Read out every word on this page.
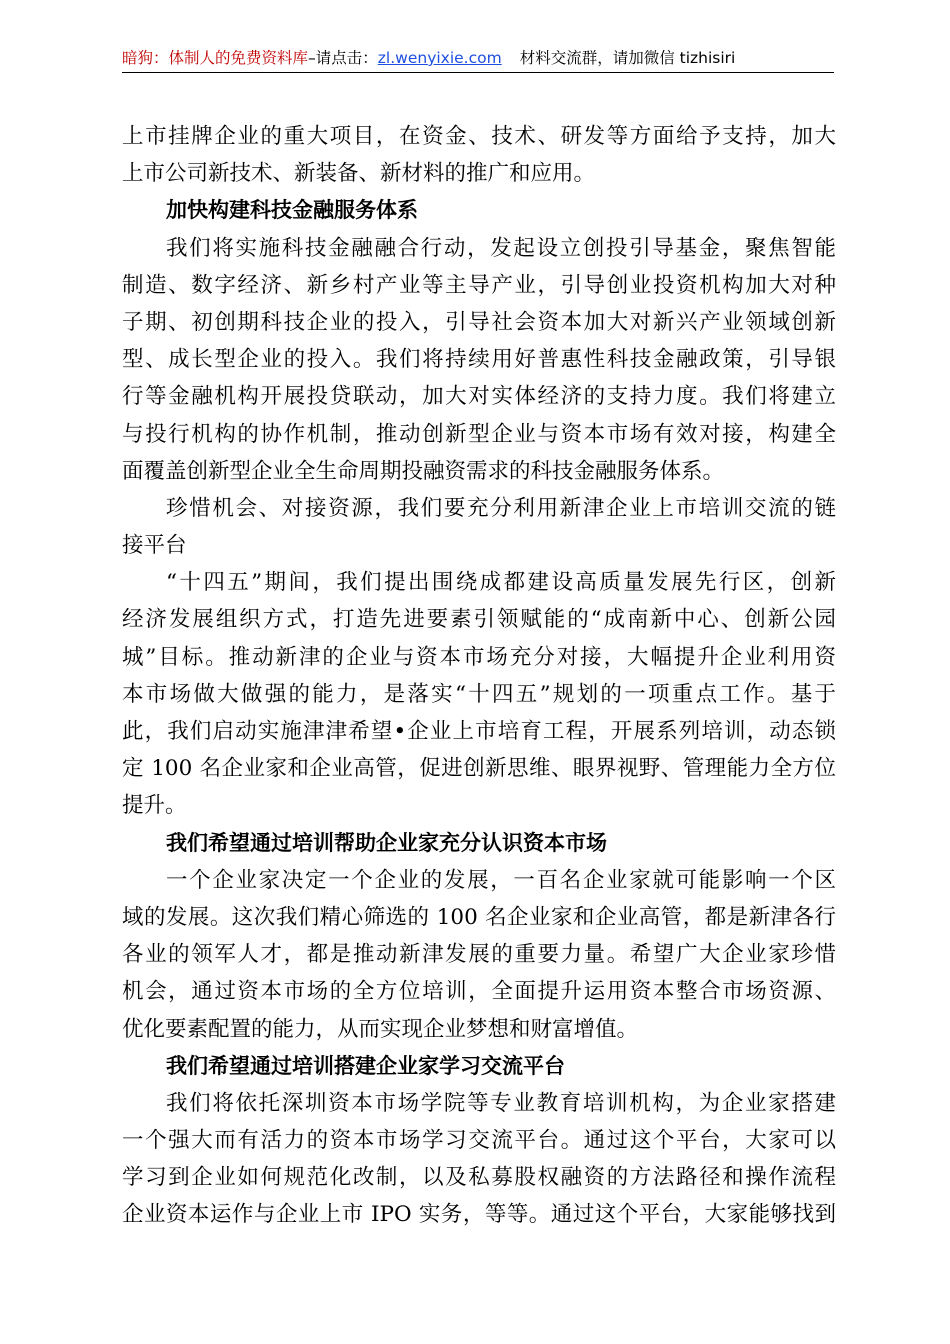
暗狗：体制人的免费资料库–请点击：zl.wenyixie.com 材料交流群，请加微信 tizhisiri
上市挂牌企业的重大项目，在资金、技术、研发等方面给予支持，加大
上市公司新技术、新装备、新材料的推广和应用。
加快构建科技金融服务体系
我们将实施科技金融融合行动，发起设立创投引导基金，聚焦智能
制造、数字经济、新乡村产业等主导产业，引导创业投资机构加大对种
子期、初创期科技企业的投入，引导社会资本加大对新兴产业领域创新
型、成长型企业的投入。我们将持续用好普惠性科技金融政策，引导银
行等金融机构开展投贷联动，加大对实体经济的支持力度。我们将建立
与投行机构的协作机制，推动创新型企业与资本市场有效对接，构建全
面覆盖创新型企业全生命周期投融资需求的科技金融服务体系。
珍惜机会、对接资源，我们要充分利用新津企业上市培训交流的链
接平台
“十四五”期间，我们提出围绕成都建设高质量发展先行区，创新
经济发展组织方式，打造先进要素引领赋能的“成南新中心、创新公园
城”目标。推动新津的企业与资本市场充分对接，大幅提升企业利用资
本市场做大做强的能力，是落实“十四五”规划的一项重点工作。基于
此，我们启动实施津津希望•企业上市培育工程，开展系列培训，动态锁
定 100 名企业家和企业高管，促进创新思维、眼界视野、管理能力全方位
提升。
我们希望通过培训帮助企业家充分认识资本市场
一个企业家决定一个企业的发展，一百名企业家就可能影响一个区
域的发展。这次我们精心筛选的 100 名企业家和企业高管，都是新津各行
各业的领军人才，都是推动新津发展的重要力量。希望广大企业家珍惜
机会，通过资本市场的全方位培训，全面提升运用资本整合市场资源、
优化要素配置的能力，从而实现企业梦想和财富增值。
我们希望通过培训搭建企业家学习交流平台
我们将依托深圳资本市场学院等专业教育培训机构，为企业家搭建
一个强大而有活力的资本市场学习交流平台。通过这个平台，大家可以
学习到企业如何规范化改制，以及私募股权融资的方法路径和操作流程
企业资本运作与企业上市 IPO 实务，等等。通过这个平台，大家能够找到
